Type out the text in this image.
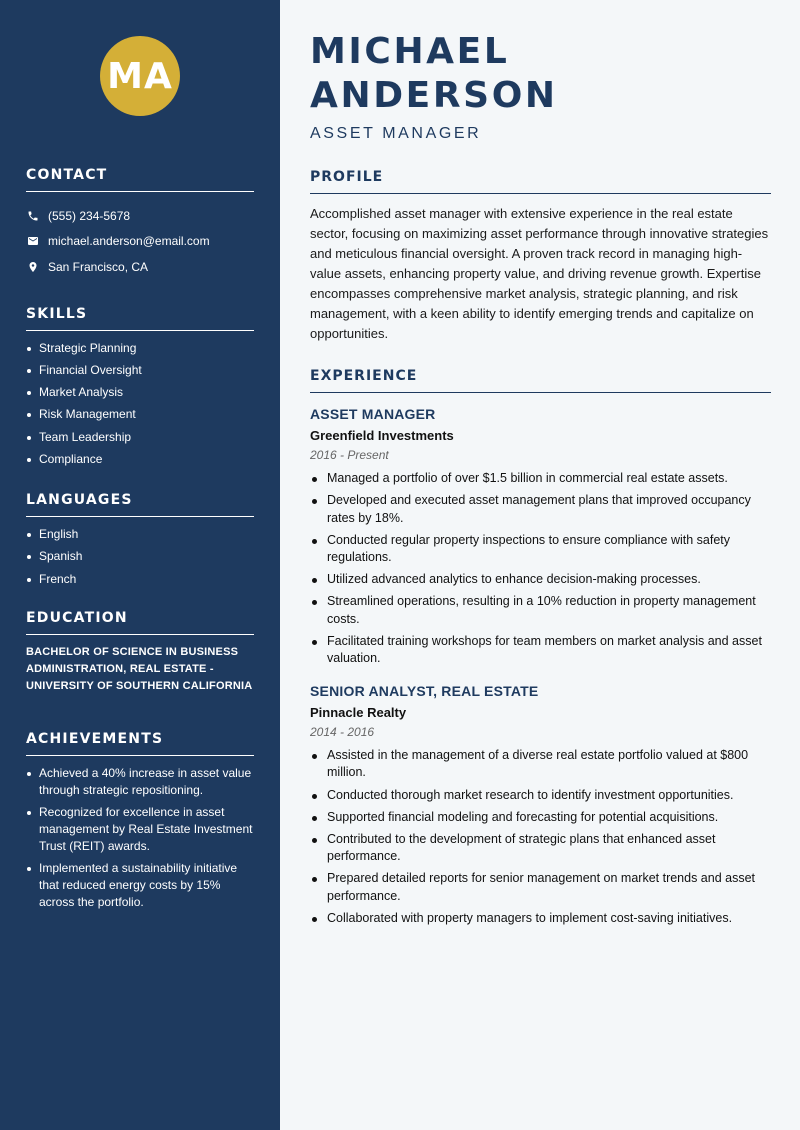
MA
CONTACT
(555) 234-5678
michael.anderson@email.com
San Francisco, CA
SKILLS
Strategic Planning
Financial Oversight
Market Analysis
Risk Management
Team Leadership
Compliance
LANGUAGES
English
Spanish
French
EDUCATION
BACHELOR OF SCIENCE IN BUSINESS ADMINISTRATION, REAL ESTATE - UNIVERSITY OF SOUTHERN CALIFORNIA
ACHIEVEMENTS
Achieved a 40% increase in asset value through strategic repositioning.
Recognized for excellence in asset management by Real Estate Investment Trust (REIT) awards.
Implemented a sustainability initiative that reduced energy costs by 15% across the portfolio.
MICHAEL ANDERSON
ASSET MANAGER
PROFILE

Accomplished asset manager with extensive experience in the real estate sector, focusing on maximizing asset performance through innovative strategies and meticulous financial oversight. A proven track record in managing high-value assets, enhancing property value, and driving revenue growth. Expertise encompasses comprehensive market analysis, strategic planning, and risk management, with a keen ability to identify emerging trends and capitalize on opportunities.

EXPERIENCE
ASSET MANAGER
Greenfield Investments
2016 - Present
Managed a portfolio of over $1.5 billion in commercial real estate assets.
Developed and executed asset management plans that improved occupancy rates by 18%.
Conducted regular property inspections to ensure compliance with safety regulations.
Utilized advanced analytics to enhance decision-making processes.
Streamlined operations, resulting in a 10% reduction in property management costs.
Facilitated training workshops for team members on market analysis and asset valuation.
SENIOR ANALYST, REAL ESTATE
Pinnacle Realty
2014 - 2016
Assisted in the management of a diverse real estate portfolio valued at $800 million.
Conducted thorough market research to identify investment opportunities.
Supported financial modeling and forecasting for potential acquisitions.
Contributed to the development of strategic plans that enhanced asset performance.
Prepared detailed reports for senior management on market trends and asset performance.
Collaborated with property managers to implement cost-saving initiatives.
